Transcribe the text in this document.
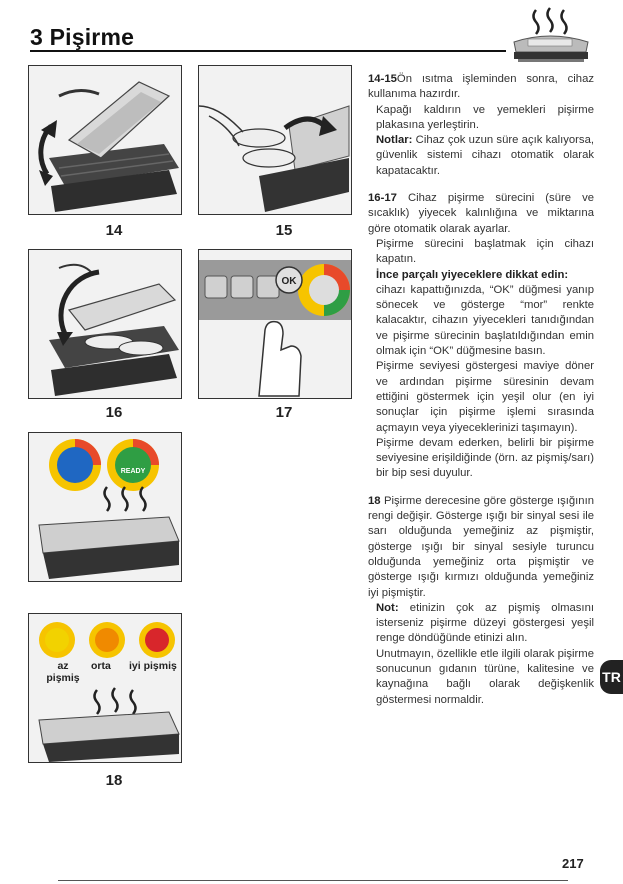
3 Pişirme
14	15
16
OK
17
READY
az pişmiş
orta iyi pişmiş
18

14-15Ön ısıtma işleminden sonra, cihaz kullanıma hazırdır.

Kapağı kaldırın ve yemekleri pişirme plakasına yerleştirin.

Notlar: Cihaz çok uzun süre açık kalıyorsa, güvenlik sistemi cihazı otomatik olarak kapatacaktır.

16-17 Cihaz pişirme sürecini (süre ve sıcaklık) yiyecek kalınlığına ve miktarına göre otomatik olarak ayarlar.

Pişirme sürecini başlatmak için cihazı kapatın.

İnce parçalı yiyeceklere dikkat edin:

cihazı kapattığınızda, “OK” düğmesi yanıp sönecek ve gösterge “mor” renkte kalacaktır, cihazın yiyecekleri tanıdığından ve pişirme sürecinin başlatıldığından emin olmak için “OK” düğmesine basın.

Pişirme seviyesi göstergesi maviye döner ve ardından pişirme süresinin devam ettiğini göstermek için yeşil olur (en iyi sonuçlar için pişirme işlemi sırasında açmayın veya yiyeceklerinizi taşımayın).

Pişirme devam ederken, belirli bir pişirme seviyesine erişildiğinde (örn. az pişmiş/sarı) bir bip sesi duyulur.

18 Pişirme derecesine göre gösterge ışığının rengi değişir. Gösterge ışığı bir sinyal sesi ile sarı olduğunda yemeğiniz az pişmiştir, gösterge ışığı bir sinyal sesiyle turuncu olduğunda yemeğiniz orta pişmiştir ve gösterge ışığı kırmızı olduğunda yemeğiniz iyi pişmiştir.

Not: etinizin çok az pişmiş olmasını isterseniz pişirme düzeyi göstergesi yeşil renge döndüğünde etinizi alın.

Unutmayın, özellikle etle ilgili olarak pişirme sonucunun gıdanın türüne, kalitesine ve kaynağına bağlı olarak değişkenlik göstermesi normaldir.

TR
217
